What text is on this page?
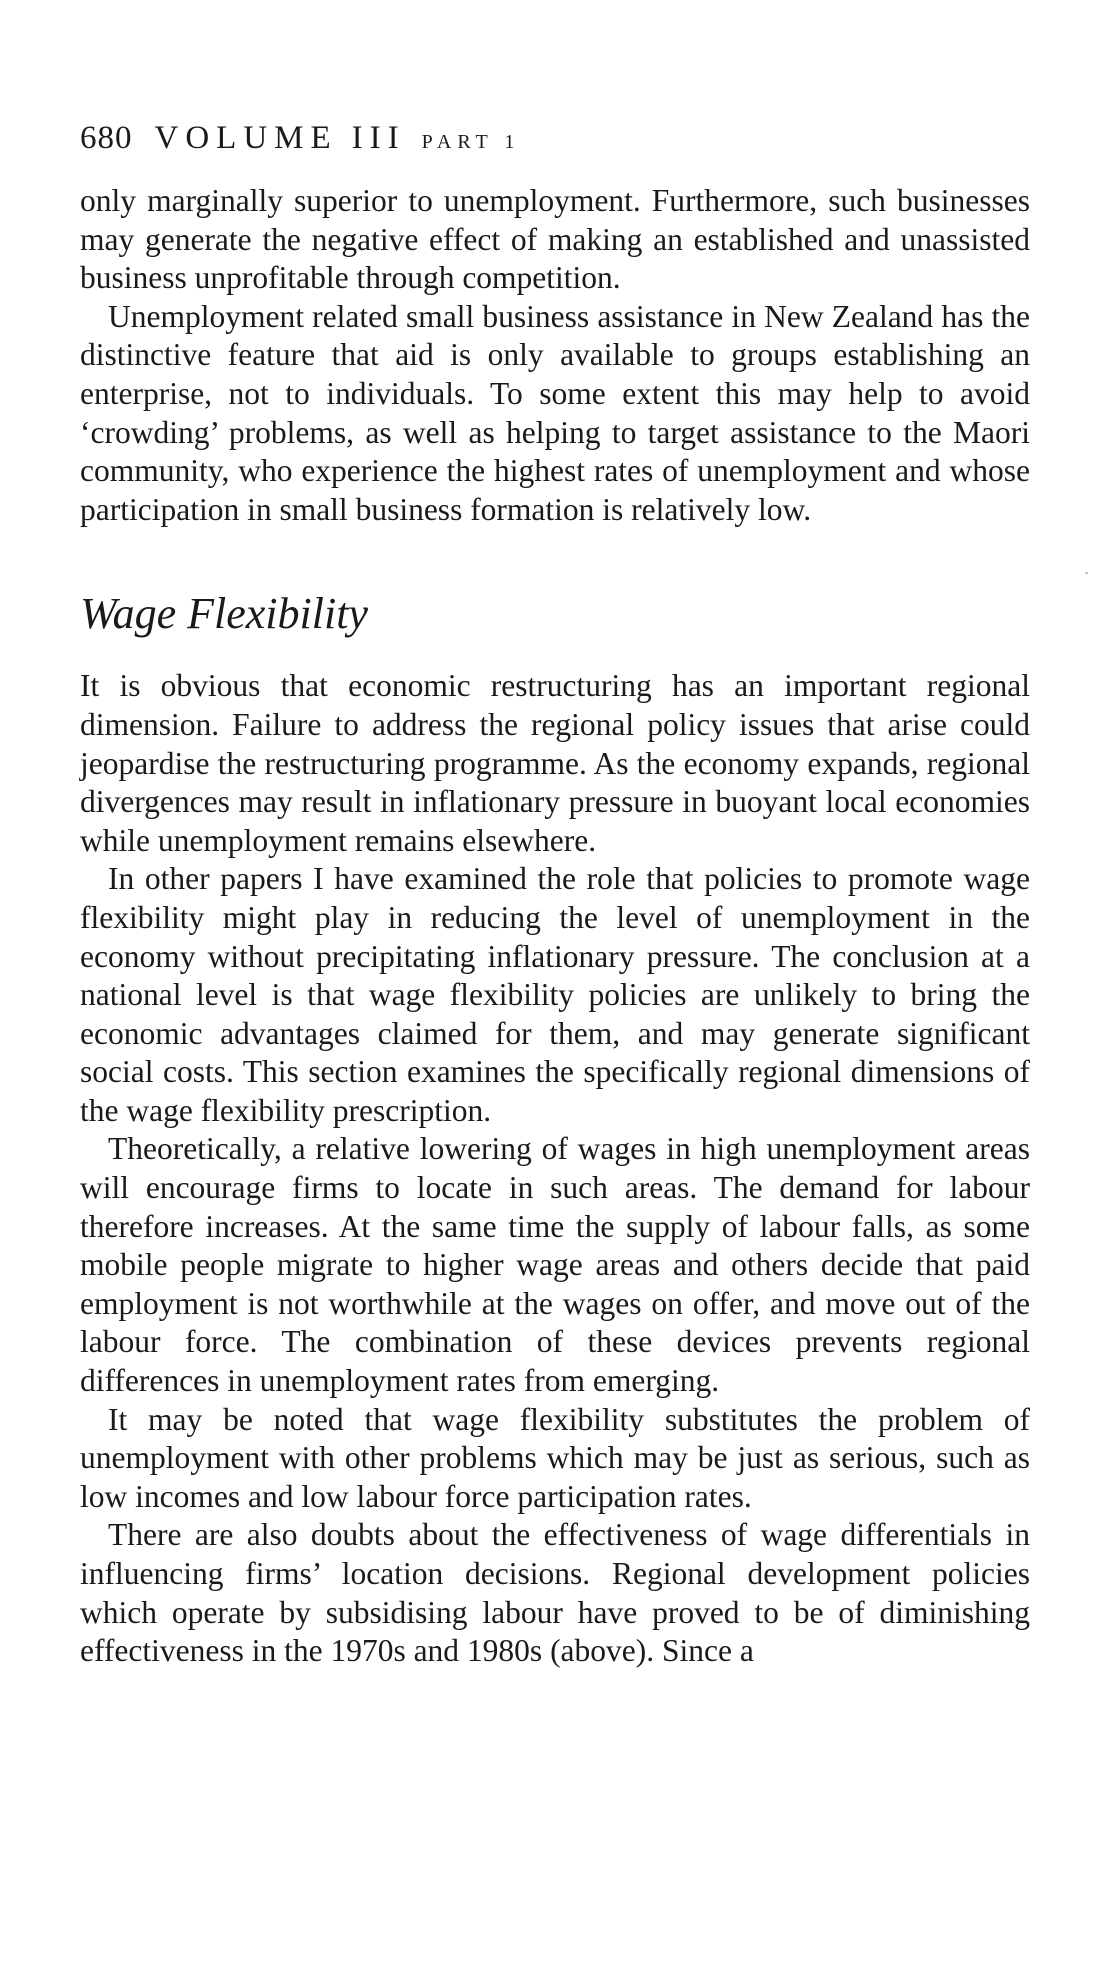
680 VOLUME III PART 1

only marginally superior to unemployment. Furthermore, such businesses may generate the negative effect of making an established and unassisted business unprofitable through competition.

Unemployment related small business assistance in New Zealand has the distinctive feature that aid is only available to groups establishing an enterprise, not to individuals. To some extent this may help to avoid ‘crowding’ problems, as well as helping to target assistance to the Maori community, who experience the highest rates of unemployment and whose participation in small business formation is relatively low.

Wage Flexibility

It is obvious that economic restructuring has an important regional dimension. Failure to address the regional policy issues that arise could jeopardise the restructuring programme. As the economy expands, regional divergences may result in inflationary pressure in buoyant local economies while unemployment remains elsewhere.

In other papers I have examined the role that policies to promote wage flexibility might play in reducing the level of unemployment in the economy without precipitating inflationary pressure. The conclusion at a national level is that wage flexibility policies are unlikely to bring the economic advantages claimed for them, and may generate significant social costs. This section examines the specifically regional dimensions of the wage flexibility prescription.

Theoretically, a relative lowering of wages in high unemployment areas will encourage firms to locate in such areas. The demand for labour therefore increases. At the same time the supply of labour falls, as some mobile people migrate to higher wage areas and others decide that paid employment is not worthwhile at the wages on offer, and move out of the labour force. The combination of these devices prevents regional differences in unemployment rates from emerging.

It may be noted that wage flexibility substitutes the problem of unemployment with other problems which may be just as serious, such as low incomes and low labour force participation rates.

There are also doubts about the effectiveness of wage differentials in influencing firms’ location decisions. Regional development policies which operate by subsidising labour have proved to be of diminishing effectiveness in the 1970s and 1980s (above). Since a
